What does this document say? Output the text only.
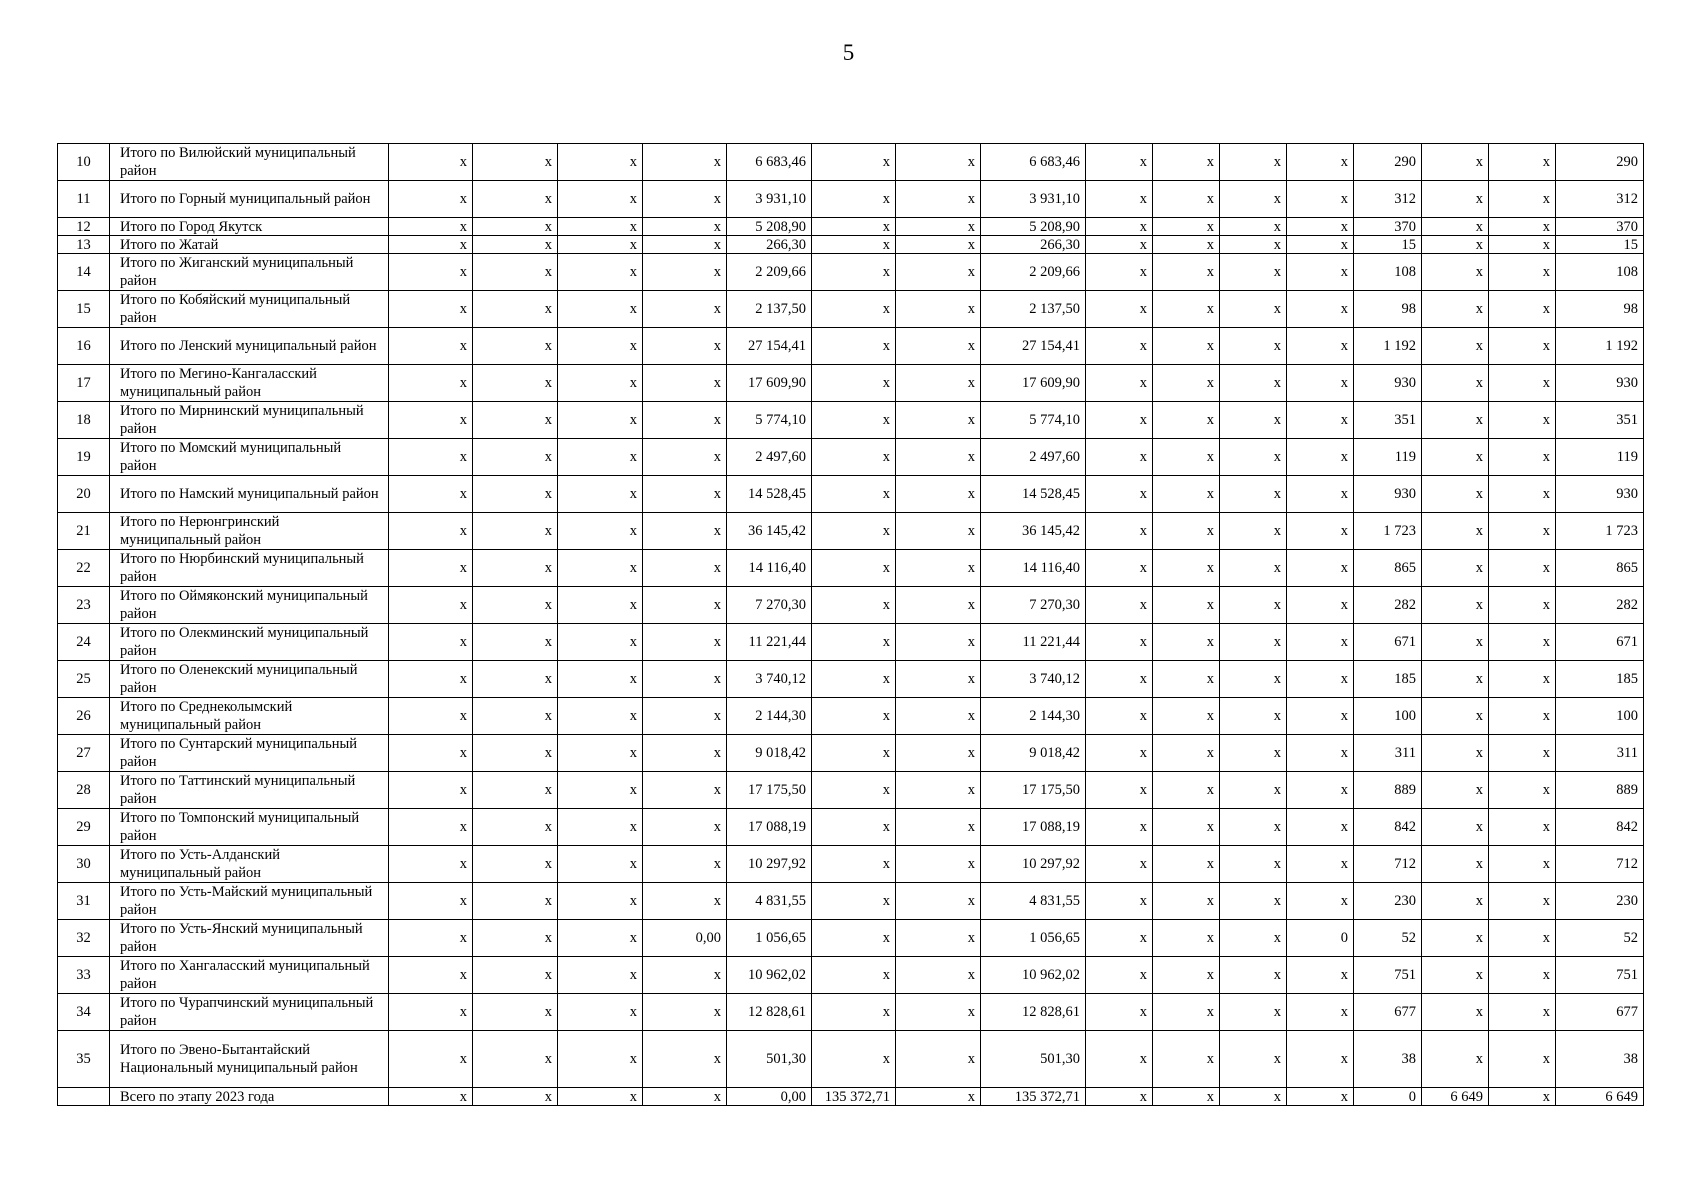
5
10	Итого по Вилюйский муниципальный район	x	x	x	x	6 683,46	x	x	6 683,46	x	x	x	x	290	x	x	290
11	Итого по Горный муниципальный район	x	x	x	x	3 931,10	x	x	3 931,10	x	x	x	x	312	x	x	312
12	Итого по Город Якутск	x	x	x	x	5 208,90	x	x	5 208,90	x	x	x	x	370	x	x	370
13	Итого по Жатай	x	x	x	x	266,30	x	x	266,30	x	x	x	x	15	x	x	15
14	Итого по Жиганский муниципальный район	x	x	x	x	2 209,66	x	x	2 209,66	x	x	x	x	108	x	x	108
15	Итого по Кобяйский муниципальный район	x	x	x	x	2 137,50	x	x	2 137,50	x	x	x	x	98	x	x	98
16	Итого по Ленский муниципальный район	x	x	x	x	27 154,41	x	x	27 154,41	x	x	x	x	1 192	x	x	1 192
17	Итого по Мегино-Кангаласский муниципальный район	x	x	x	x	17 609,90	x	x	17 609,90	x	x	x	x	930	x	x	930
18	Итого по Мирнинский муниципальный район	x	x	x	x	5 774,10	x	x	5 774,10	x	x	x	x	351	x	x	351
19	Итого по Момский муниципальный район	x	x	x	x	2 497,60	x	x	2 497,60	x	x	x	x	119	x	x	119
20	Итого по Намский муниципальный район	x	x	x	x	14 528,45	x	x	14 528,45	x	x	x	x	930	x	x	930
21	Итого по Нерюнгринский муниципальный район	x	x	x	x	36 145,42	x	x	36 145,42	x	x	x	x	1 723	x	x	1 723
22	Итого по Нюрбинский муниципальный район	x	x	x	x	14 116,40	x	x	14 116,40	x	x	x	x	865	x	x	865
23	Итого по Оймяконский муниципальный район	x	x	x	x	7 270,30	x	x	7 270,30	x	x	x	x	282	x	x	282
24	Итого по Олекминский муниципальный район	x	x	x	x	11 221,44	x	x	11 221,44	x	x	x	x	671	x	x	671
25	Итого по Оленекский муниципальный район	x	x	x	x	3 740,12	x	x	3 740,12	x	x	x	x	185	x	x	185
26	Итого по Среднеколымский муниципальный район	x	x	x	x	2 144,30	x	x	2 144,30	x	x	x	x	100	x	x	100
27	Итого по Сунтарский муниципальный район	x	x	x	x	9 018,42	x	x	9 018,42	x	x	x	x	311	x	x	311
28	Итого по Таттинский муниципальный район	x	x	x	x	17 175,50	x	x	17 175,50	x	x	x	x	889	x	x	889
29	Итого по Томпонский муниципальный район	x	x	x	x	17 088,19	x	x	17 088,19	x	x	x	x	842	x	x	842
30	Итого по Усть-Алданский муниципальный район	x	x	x	x	10 297,92	x	x	10 297,92	x	x	x	x	712	x	x	712
31	Итого по Усть-Майский муниципальный район	x	x	x	x	4 831,55	x	x	4 831,55	x	x	x	x	230	x	x	230
32	Итого по Усть-Янский муниципальный район	x	x	x	0,00	1 056,65	x	x	1 056,65	x	x	x	0	52	x	x	52
33	Итого по Хангаласский муниципальный район	x	x	x	x	10 962,02	x	x	10 962,02	x	x	x	x	751	x	x	751
34	Итого по Чурапчинский муниципальный район	x	x	x	x	12 828,61	x	x	12 828,61	x	x	x	x	677	x	x	677
35	Итого по Эвено-Бытантайский Национальный муниципальный район	x	x	x	x	501,30	x	x	501,30	x	x	x	x	38	x	x	38
	Всего по этапу 2023 года	x	x	x	x	0,00	135 372,71	x	135 372,71	x	x	x	x	0	6 649	x	6 649
